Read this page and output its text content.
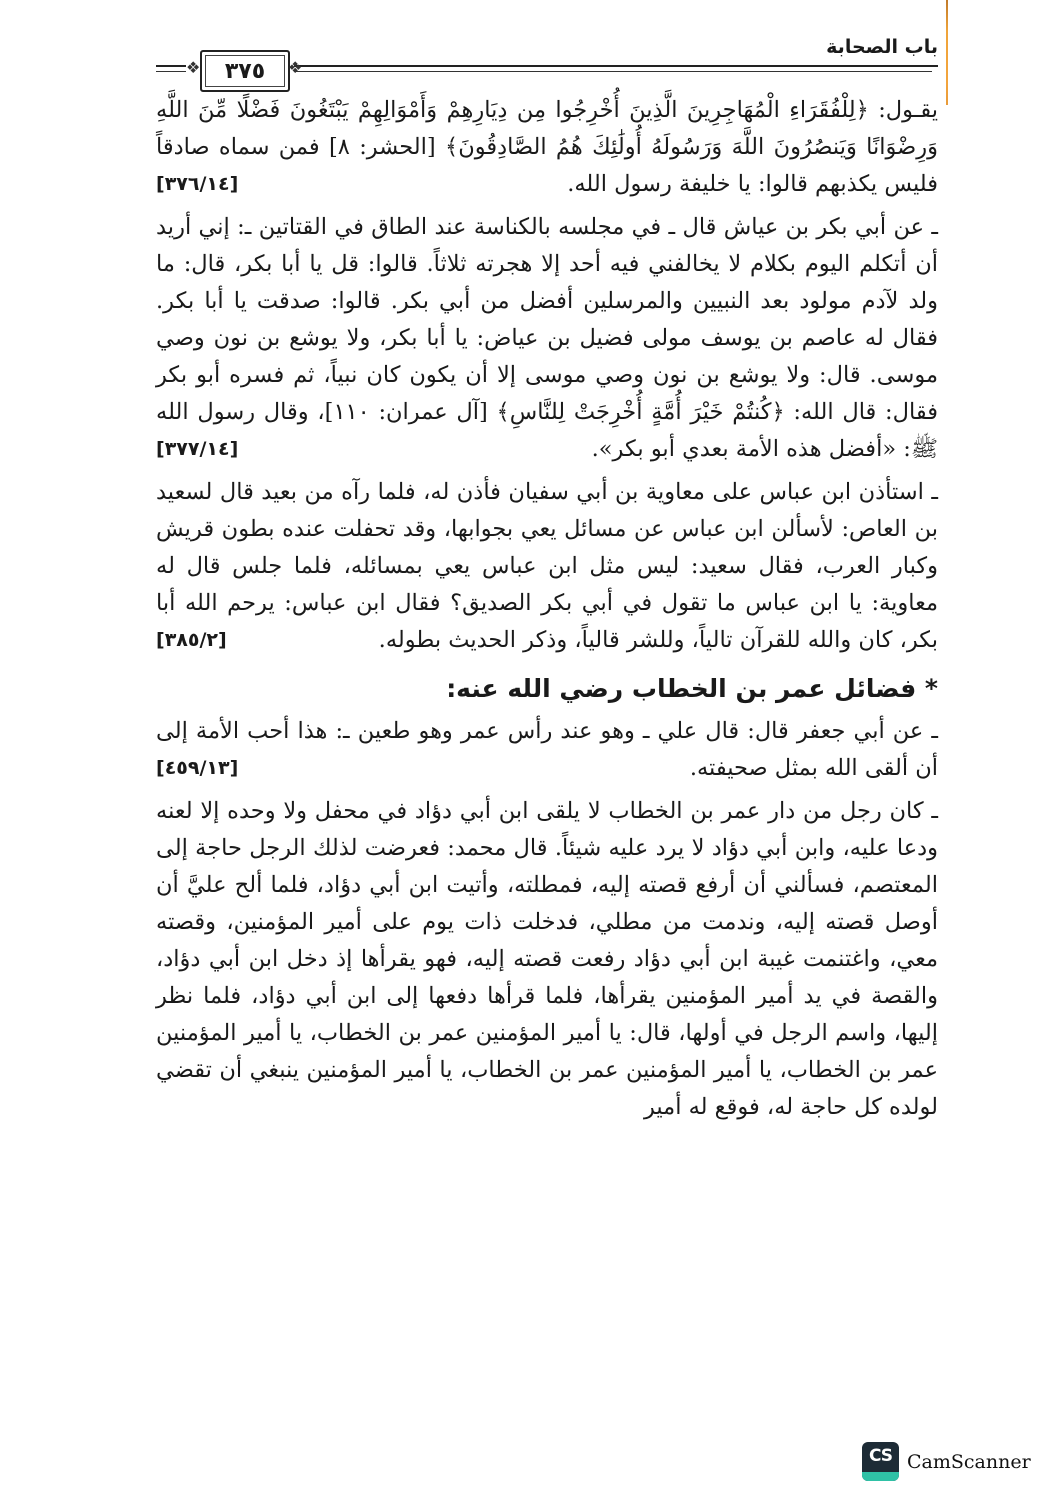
باب الصحابة
❖	٣٧٥	❖

يقـول: ﴿لِلْفُقَرَاءِ الْمُهَاجِرِينَ الَّذِينَ أُخْرِجُوا مِن دِيَارِهِمْ وَأَمْوَالِهِمْ يَبْتَغُونَ فَضْلًا مِّنَ اللَّهِ وَرِضْوَانًا وَيَنصُرُونَ اللَّهَ وَرَسُولَهُ أُولَٰئِكَ هُمُ الصَّادِقُونَ﴾ [الحشر: ٨] فمن سماه صادقاً فليس يكذبهم قالوا: يا خليفة رسول الله.
[٣٧٦/١٤]

ـ عن أبي بكر بن عياش قال ـ في مجلسه بالكناسة عند الطاق في القتاتين ـ: إني أريد أن أتكلم اليوم بكلام لا يخالفني فيه أحد إلا هجرته ثلاثاً. قالوا: قل يا أبا بكر، قال: ما ولد لآدم مولود بعد النبيين والمرسلين أفضل من أبي بكر. قالوا: صدقت يا أبا بكر. فقال له عاصم بن يوسف مولى فضيل بن عياض: يا أبا بكر، ولا يوشع بن نون وصي موسى. قال: ولا يوشع بن نون وصي موسى إلا أن يكون كان نبياً، ثم فسره أبو بكر فقال: قال الله: ﴿كُنتُمْ خَيْرَ أُمَّةٍ أُخْرِجَتْ لِلنَّاسِ﴾ [آل عمران: ١١٠]، وقال رسول الله ﷺ: «أفضل هذه الأمة بعدي أبو بكر».
[٣٧٧/١٤]

ـ استأذن ابن عباس على معاوية بن أبي سفيان فأذن له، فلما رآه من بعيد قال لسعيد بن العاص: لأسألن ابن عباس عن مسائل يعي بجوابها، وقد تحفلت عنده بطون قريش وكبار العرب، فقال سعيد: ليس مثل ابن عباس يعي بمسائله، فلما جلس قال له معاوية: يا ابن عباس ما تقول في أبي بكر الصديق؟ فقال ابن عباس: يرحم الله أبا بكر، كان والله للقرآن تالياً، وللشر قالياً، وذكر الحديث بطوله.
[٣٨٥/٢]

* فضائل عمر بن الخطاب رضي الله عنه:

ـ عن أبي جعفر قال: قال علي ـ وهو عند رأس عمر وهو طعين ـ: هذا أحب الأمة إلى أن ألقى الله بمثل صحيفته.
[٤٥٩/١٣]

ـ كان رجل من دار عمر بن الخطاب لا يلقى ابن أبي دؤاد في محفل ولا وحده إلا لعنه ودعا عليه، وابن أبي دؤاد لا يرد عليه شيئاً. قال محمد: فعرضت لذلك الرجل حاجة إلى المعتصم، فسألني أن أرفع قصته إليه، فمطلته، وأتيت ابن أبي دؤاد، فلما ألح عليَّ أن أوصل قصته إليه، وندمت من مطلي، فدخلت ذات يوم على أمير المؤمنين، وقصته معي، واغتنمت غيبة ابن أبي دؤاد رفعت قصته إليه، فهو يقرأها إذ دخل ابن أبي دؤاد، والقصة في يد أمير المؤمنين يقرأها، فلما قرأها دفعها إلى ابن أبي دؤاد، فلما نظر إليها، واسم الرجل في أولها، قال: يا أمير المؤمنين عمر بن الخطاب، يا أمير المؤمنين عمر بن الخطاب، يا أمير المؤمنين عمر بن الخطاب، يا أمير المؤمنين ينبغي أن تقضي لولده كل حاجة له، فوقع له أمير

CS CamScanner
